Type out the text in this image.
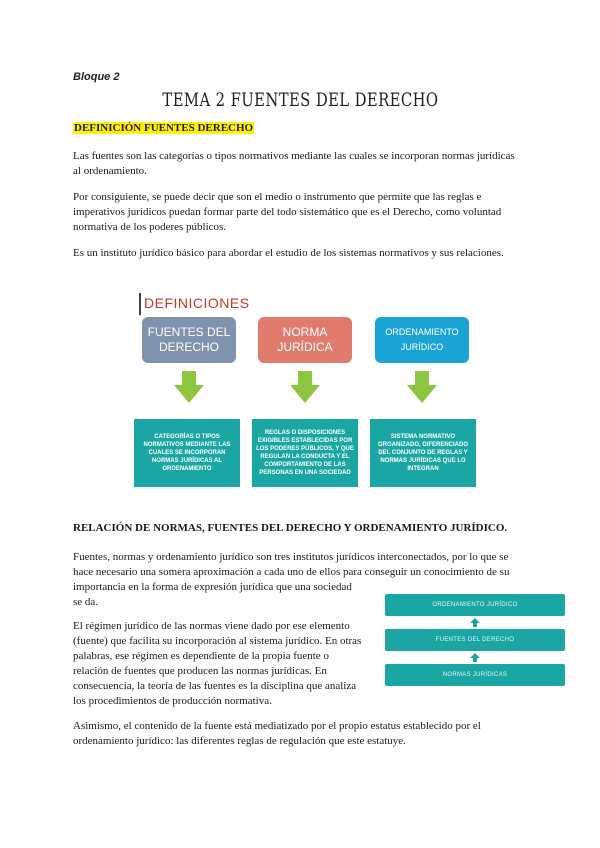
Bloque 2
TEMA 2 FUENTES DEL DERECHO
DEFINICIÓN FUENTES DERECHO
Las fuentes son las categorías o tipos normativos mediante las cuales se incorporan normas jurídicas al ordenamiento.
Por consiguiente, se puede decir que son el medio o instrumento que permite que las reglas e imperativos jurídicos puedan formar parte del todo sistemático que es el Derecho, como voluntad normativa de los poderes públicos.
Es un instituto jurídico básico para abordar el estudio de los sistemas normativos y sus relaciones.
DEFINICIONES
FUENTES DEL DERECHO
NORMA JURÍDICA
ORDENAMIENTO JURÍDICO
CATEGORÍAS O TIPOS NORMATIVOS MEDIANTE LAS CUALES SE INCORPORAN NORMAS JURÍDICAS AL ORDENAMIENTO
REGLAS O DISPOSICIONES EXIGIBLES ESTABLECIDAS POR LOS PODERES PÚBLICOS, Y QUE REGULAN LA CONDUCTA Y EL COMPORTAMIENTO DE LAS PERSONAS EN UNA SOCIEDAD
SISTEMA NORMATIVO ORGANIZADO, DIFERENCIADO DEL CONJUNTO DE REGLAS Y NORMAS JURÍDICAS QUE LO INTEGRAN
RELACIÓN DE NORMAS, FUENTES DEL DERECHO Y ORDENAMIENTO JURÍDICO.
Fuentes, normas y ordenamiento jurídico son tres institutos jurídicos interconectados, por lo que se hace necesario una somera aproximación a cada uno de ellos para conseguir un conocimiento de su importancia en la forma de expresión jurídica que una sociedad
se da.
El régimen jurídico de las normas viene dado por ese elemento (fuente) que facilita su incorporación al sistema jurídico. En otras palabras, ese régimen es dependiente de la propia fuente o relación de fuentes que producen las normas jurídicas. En consecuencia, la teoría de las fuentes es la disciplina que analiza los procedimientos de producción normativa.
ORDENAMIENTO JURÍDICO
FUENTES DEL DERECHO
NORMAS JURÍDICAS
Asimismo, el contenido de la fuente está mediatizado por el propio estatus establecido por el ordenamiento jurídico: las diferentes reglas de regulación que este estatuye.
